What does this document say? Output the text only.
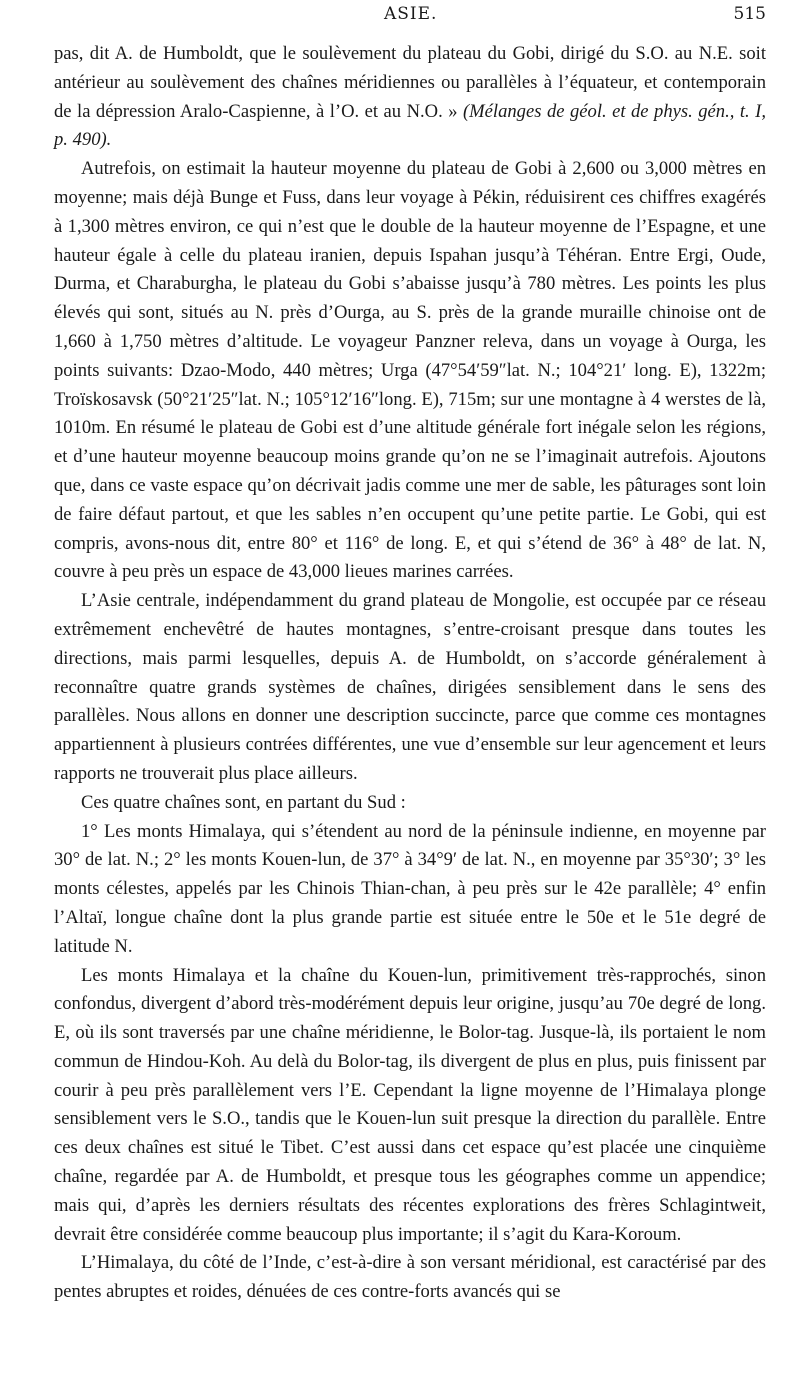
ASIE.	515

pas, dit A. de Humboldt, que le soulèvement du plateau du Gobi, dirigé du S.O. au N.E. soit antérieur au soulèvement des chaînes méridiennes ou parallèles à l’équateur, et contemporain de la dépression Aralo-Caspienne, à l’O. et au N.O. » (Mélanges de géol. et de phys. gén., t. I, p. 490).

Autrefois, on estimait la hauteur moyenne du plateau de Gobi à 2,600 ou 3,000 mètres en moyenne; mais déjà Bunge et Fuss, dans leur voyage à Pékin, réduisirent ces chiffres exagérés à 1,300 mètres environ, ce qui n’est que le double de la hauteur moyenne de l’Espagne, et une hauteur égale à celle du plateau iranien, depuis Ispahan jusqu’à Téhéran. Entre Ergi, Oude, Durma, et Charaburgha, le plateau du Gobi s’abaisse jusqu’à 780 mètres. Les points les plus élevés qui sont, situés au N. près d’Ourga, au S. près de la grande muraille chinoise ont de 1,660 à 1,750 mètres d’altitude. Le voyageur Panzner releva, dans un voyage à Ourga, les points suivants: Dzao-Modo, 440 mètres; Urga (47°54′59″lat. N.; 104°21′ long. E), 1322m; Troïskosavsk (50°21′25″lat. N.; 105°12′16″long. E), 715m; sur une montagne à 4 werstes de là, 1010m. En résumé le plateau de Gobi est d’une altitude générale fort inégale selon les régions, et d’une hauteur moyenne beaucoup moins grande qu’on ne se l’imaginait autrefois. Ajoutons que, dans ce vaste espace qu’on décrivait jadis comme une mer de sable, les pâturages sont loin de faire défaut partout, et que les sables n’en occupent qu’une petite partie. Le Gobi, qui est compris, avons-nous dit, entre 80° et 116° de long. E, et qui s’étend de 36° à 48° de lat. N, couvre à peu près un espace de 43,000 lieues marines carrées.

L’Asie centrale, indépendamment du grand plateau de Mongolie, est occupée par ce réseau extrêmement enchevêtré de hautes montagnes, s’entre-croisant presque dans toutes les directions, mais parmi lesquelles, depuis A. de Humboldt, on s’accorde généralement à reconnaître quatre grands systèmes de chaînes, dirigées sensiblement dans le sens des parallèles. Nous allons en donner une description succincte, parce que comme ces montagnes appartiennent à plusieurs contrées différentes, une vue d’ensemble sur leur agencement et leurs rapports ne trouverait plus place ailleurs.

Ces quatre chaînes sont, en partant du Sud :

1° Les monts Himalaya, qui s’étendent au nord de la péninsule indienne, en moyenne par 30° de lat. N.; 2° les monts Kouen-lun, de 37° à 34°9′ de lat. N., en moyenne par 35°30′; 3° les monts célestes, appelés par les Chinois Thian-chan, à peu près sur le 42e parallèle; 4° enfin l’Altaï, longue chaîne dont la plus grande partie est située entre le 50e et le 51e degré de latitude N.

Les monts Himalaya et la chaîne du Kouen-lun, primitivement très-rapprochés, sinon confondus, divergent d’abord très-modérément depuis leur origine, jusqu’au 70e degré de long. E, où ils sont traversés par une chaîne méridienne, le Bolor-tag. Jusque-là, ils portaient le nom commun de Hindou-Koh. Au delà du Bolor-tag, ils divergent de plus en plus, puis finissent par courir à peu près parallèlement vers l’E. Cependant la ligne moyenne de l’Himalaya plonge sensiblement vers le S.O., tandis que le Kouen-lun suit presque la direction du parallèle. Entre ces deux chaînes est situé le Tibet. C’est aussi dans cet espace qu’est placée une cinquième chaîne, regardée par A. de Humboldt, et presque tous les géographes comme un appendice; mais qui, d’après les derniers résultats des récentes explorations des frères Schlagintweit, devrait être considérée comme beaucoup plus importante; il s’agit du Kara-Koroum.

L’Himalaya, du côté de l’Inde, c’est-à-dire à son versant méridional, est caractérisé par des pentes abruptes et roides, dénuées de ces contre-forts avancés qui se
